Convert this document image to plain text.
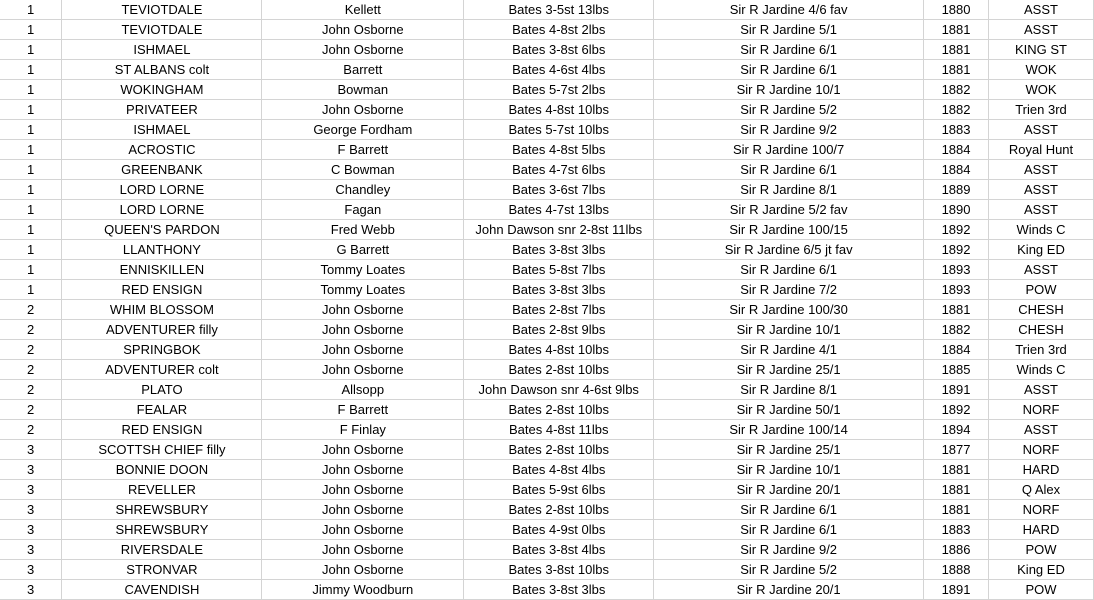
1	TEVIOTDALE	Kellett	Bates 3-5st 13lbs	Sir R Jardine 4/6 fav	1880	ASST
1	TEVIOTDALE	John Osborne	Bates 4-8st 2lbs	Sir R Jardine 5/1	1881	ASST
1	ISHMAEL	John Osborne	Bates 3-8st 6lbs	Sir R Jardine 6/1	1881	KING ST
1	ST ALBANS colt	Barrett	Bates 4-6st 4lbs	Sir R Jardine 6/1	1881	WOK
1	WOKINGHAM	Bowman	Bates 5-7st 2lbs	Sir R Jardine 10/1	1882	WOK
1	PRIVATEER	John Osborne	Bates 4-8st 10lbs	Sir R Jardine 5/2	1882	Trien 3rd
1	ISHMAEL	George Fordham	Bates 5-7st 10lbs	Sir R Jardine 9/2	1883	ASST
1	ACROSTIC	F Barrett	Bates 4-8st 5lbs	Sir R Jardine 100/7	1884	Royal Hunt
1	GREENBANK	C Bowman	Bates 4-7st 6lbs	Sir R Jardine 6/1	1884	ASST
1	LORD LORNE	Chandley	Bates 3-6st 7lbs	Sir R Jardine 8/1	1889	ASST
1	LORD LORNE	Fagan	Bates 4-7st 13lbs	Sir R Jardine 5/2 fav	1890	ASST
1	QUEEN'S PARDON	Fred Webb	John Dawson snr 2-8st 11lbs	Sir R Jardine 100/15	1892	Winds C
1	LLANTHONY	G Barrett	Bates 3-8st 3lbs	Sir R Jardine 6/5 jt fav	1892	King ED
1	ENNISKILLEN	Tommy Loates	Bates 5-8st 7lbs	Sir R Jardine 6/1	1893	ASST
1	RED ENSIGN	Tommy Loates	Bates 3-8st 3lbs	Sir R Jardine 7/2	1893	POW
2	WHIM BLOSSOM	John Osborne	Bates 2-8st 7lbs	Sir R Jardine 100/30	1881	CHESH
2	ADVENTURER filly	John Osborne	Bates 2-8st 9lbs	Sir R Jardine 10/1	1882	CHESH
2	SPRINGBOK	John Osborne	Bates 4-8st 10lbs	Sir R Jardine 4/1	1884	Trien 3rd
2	ADVENTURER colt	John Osborne	Bates 2-8st 10lbs	Sir R Jardine 25/1	1885	Winds C
2	PLATO	Allsopp	John Dawson snr 4-6st 9lbs	Sir R Jardine 8/1	1891	ASST
2	FEALAR	F Barrett	Bates 2-8st 10lbs	Sir R Jardine 50/1	1892	NORF
2	RED ENSIGN	F Finlay	Bates 4-8st 11lbs	Sir R Jardine 100/14	1894	ASST
3	SCOTTSH CHIEF filly	John Osborne	Bates 2-8st 10lbs	Sir R Jardine 25/1	1877	NORF
3	BONNIE DOON	John Osborne	Bates 4-8st 4lbs	Sir R Jardine 10/1	1881	HARD
3	REVELLER	John Osborne	Bates 5-9st 6lbs	Sir R Jardine 20/1	1881	Q Alex
3	SHREWSBURY	John Osborne	Bates 2-8st 10lbs	Sir R Jardine 6/1	1881	NORF
3	SHREWSBURY	John Osborne	Bates 4-9st 0lbs	Sir R Jardine 6/1	1883	HARD
3	RIVERSDALE	John Osborne	Bates 3-8st 4lbs	Sir R Jardine 9/2	1886	POW
3	STRONVAR	John Osborne	Bates 3-8st 10lbs	Sir R Jardine 5/2	1888	King ED
3	CAVENDISH	Jimmy Woodburn	Bates 3-8st 3lbs	Sir R Jardine 20/1	1891	POW
